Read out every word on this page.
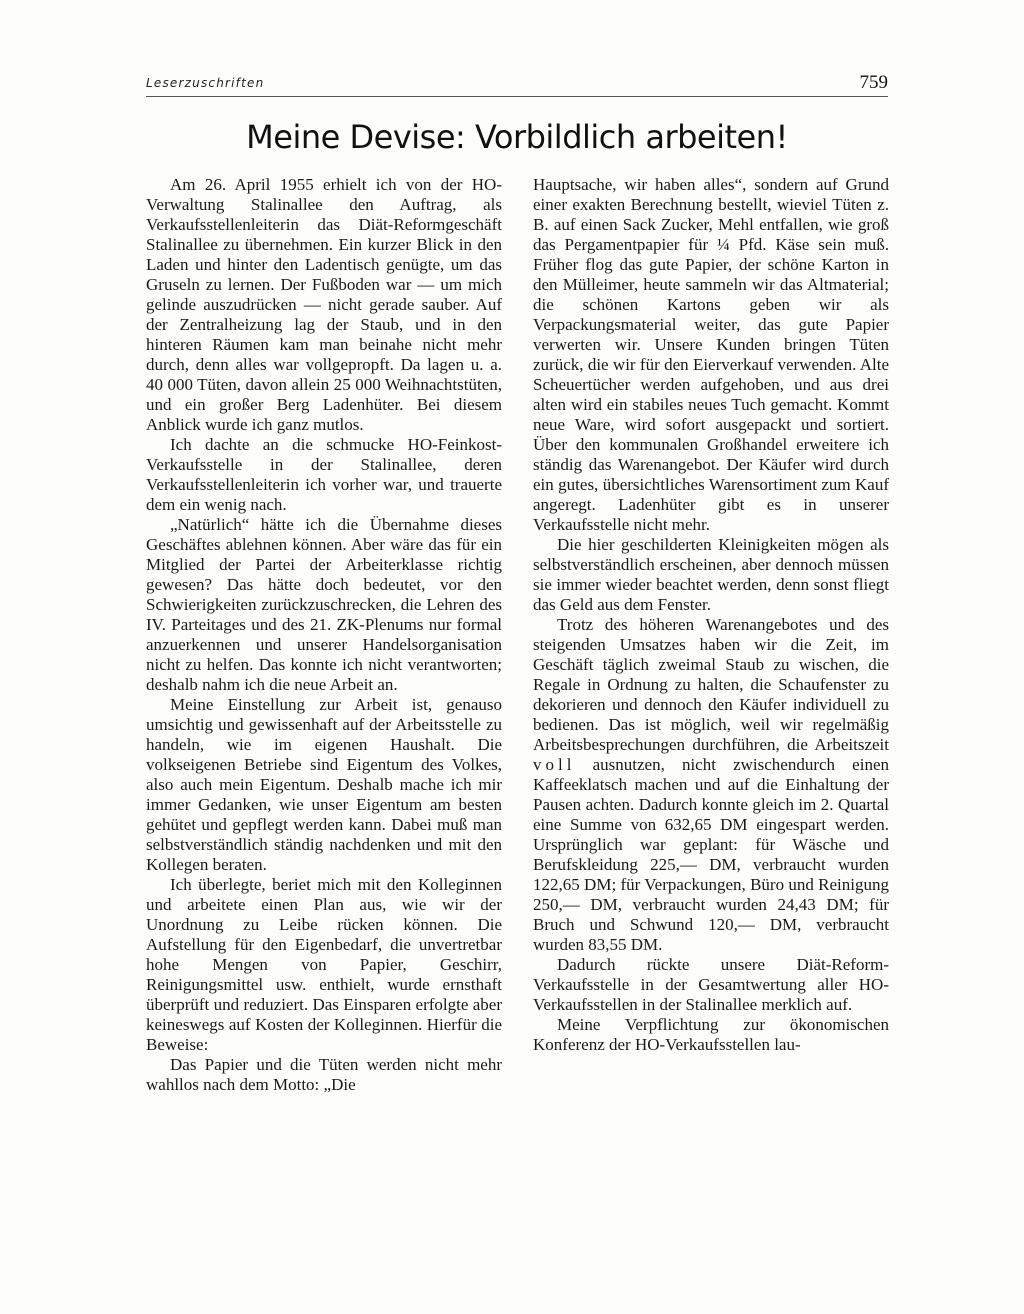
Leserzuschriften	759
Meine Devise: Vorbildlich arbeiten!

Am 26. April 1955 erhielt ich von der HO-Verwaltung Stalinallee den Auftrag, als Verkaufsstellenleiterin das Diät-Reformgeschäft Stalinallee zu übernehmen. Ein kurzer Blick in den Laden und hinter den Ladentisch genügte, um das Gruseln zu lernen. Der Fußboden war — um mich gelinde auszudrücken — nicht gerade sauber. Auf der Zentralheizung lag der Staub, und in den hinteren Räumen kam man beinahe nicht mehr durch, denn alles war vollgepropft. Da lagen u. a. 40 000 Tüten, davon allein 25 000 Weihnachtstüten, und ein großer Berg Ladenhüter. Bei diesem Anblick wurde ich ganz mutlos.

Ich dachte an die schmucke HO-Feinkost-Verkaufsstelle in der Stalinallee, deren Verkaufsstellenleiterin ich vorher war, und trauerte dem ein wenig nach.

„Natürlich“ hätte ich die Übernahme dieses Geschäftes ablehnen können. Aber wäre das für ein Mitglied der Partei der Arbeiterklasse richtig gewesen? Das hätte doch bedeutet, vor den Schwierigkeiten zurückzuschrecken, die Lehren des IV. Parteitages und des 21. ZK-Plenums nur formal anzuerkennen und unserer Handelsorganisation nicht zu helfen. Das konnte ich nicht verantworten; deshalb nahm ich die neue Arbeit an.

Meine Einstellung zur Arbeit ist, genauso umsichtig und gewissenhaft auf der Arbeitsstelle zu handeln, wie im eigenen Haushalt. Die volkseigenen Betriebe sind Eigentum des Volkes, also auch mein Eigentum. Deshalb mache ich mir immer Gedanken, wie unser Eigentum am besten gehütet und gepflegt werden kann. Dabei muß man selbstverständlich ständig nachdenken und mit den Kollegen beraten.

Ich überlegte, beriet mich mit den Kolleginnen und arbeitete einen Plan aus, wie wir der Unordnung zu Leibe rücken können. Die Aufstellung für den Eigenbedarf, die unvertretbar hohe Mengen von Papier, Geschirr, Reinigungsmittel usw. enthielt, wurde ernsthaft überprüft und reduziert. Das Einsparen erfolgte aber keineswegs auf Kosten der Kolleginnen. Hierfür die Beweise:

Das Papier und die Tüten werden nicht mehr wahllos nach dem Motto: „Die

Hauptsache, wir haben alles“, sondern auf Grund einer exakten Berechnung bestellt, wieviel Tüten z. B. auf einen Sack Zucker, Mehl entfallen, wie groß das Pergamentpapier für ¼ Pfd. Käse sein muß. Früher flog das gute Papier, der schöne Karton in den Mülleimer, heute sammeln wir das Altmaterial; die schönen Kartons geben wir als Verpackungsmaterial weiter, das gute Papier verwerten wir. Unsere Kunden bringen Tüten zurück, die wir für den Eierverkauf verwenden. Alte Scheuertücher werden aufgehoben, und aus drei alten wird ein stabiles neues Tuch gemacht. Kommt neue Ware, wird sofort ausgepackt und sortiert. Über den kommunalen Großhandel erweitere ich ständig das Warenangebot. Der Käufer wird durch ein gutes, übersichtliches Warensortiment zum Kauf angeregt. Ladenhüter gibt es in unserer Verkaufsstelle nicht mehr.

Die hier geschilderten Kleinigkeiten mögen als selbstverständlich erscheinen, aber dennoch müssen sie immer wieder beachtet werden, denn sonst fliegt das Geld aus dem Fenster.

Trotz des höheren Warenangebotes und des steigenden Umsatzes haben wir die Zeit, im Geschäft täglich zweimal Staub zu wischen, die Regale in Ordnung zu halten, die Schaufenster zu dekorieren und dennoch den Käufer individuell zu bedienen. Das ist möglich, weil wir regelmäßig Arbeitsbesprechungen durchführen, die Arbeitszeit voll ausnutzen, nicht zwischendurch einen Kaffeeklatsch machen und auf die Einhaltung der Pausen achten. Dadurch konnte gleich im 2. Quartal eine Summe von 632,65 DM eingespart werden. Ursprünglich war geplant: für Wäsche und Berufskleidung 225,— DM, verbraucht wurden 122,65 DM; für Verpackungen, Büro und Reinigung 250,— DM, verbraucht wurden 24,43 DM; für Bruch und Schwund 120,— DM, verbraucht wurden 83,55 DM.

Dadurch rückte unsere Diät-Reform-Verkaufsstelle in der Gesamtwertung aller HO-Verkaufsstellen in der Stalinallee merklich auf.

Meine Verpflichtung zur ökonomischen Konferenz der HO-Verkaufsstellen lau-
